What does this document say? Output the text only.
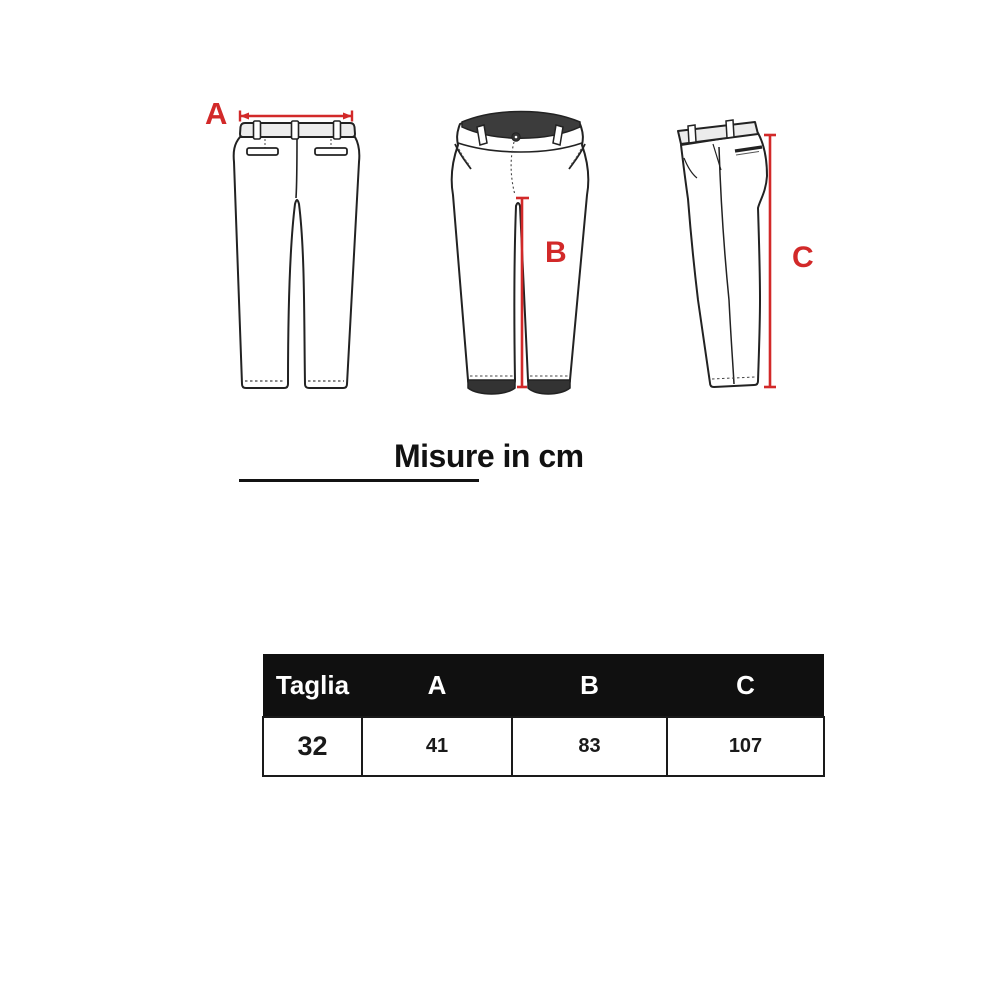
A
B	C
Misure in cm
Taglia	A	B	C
32	41	83	107
